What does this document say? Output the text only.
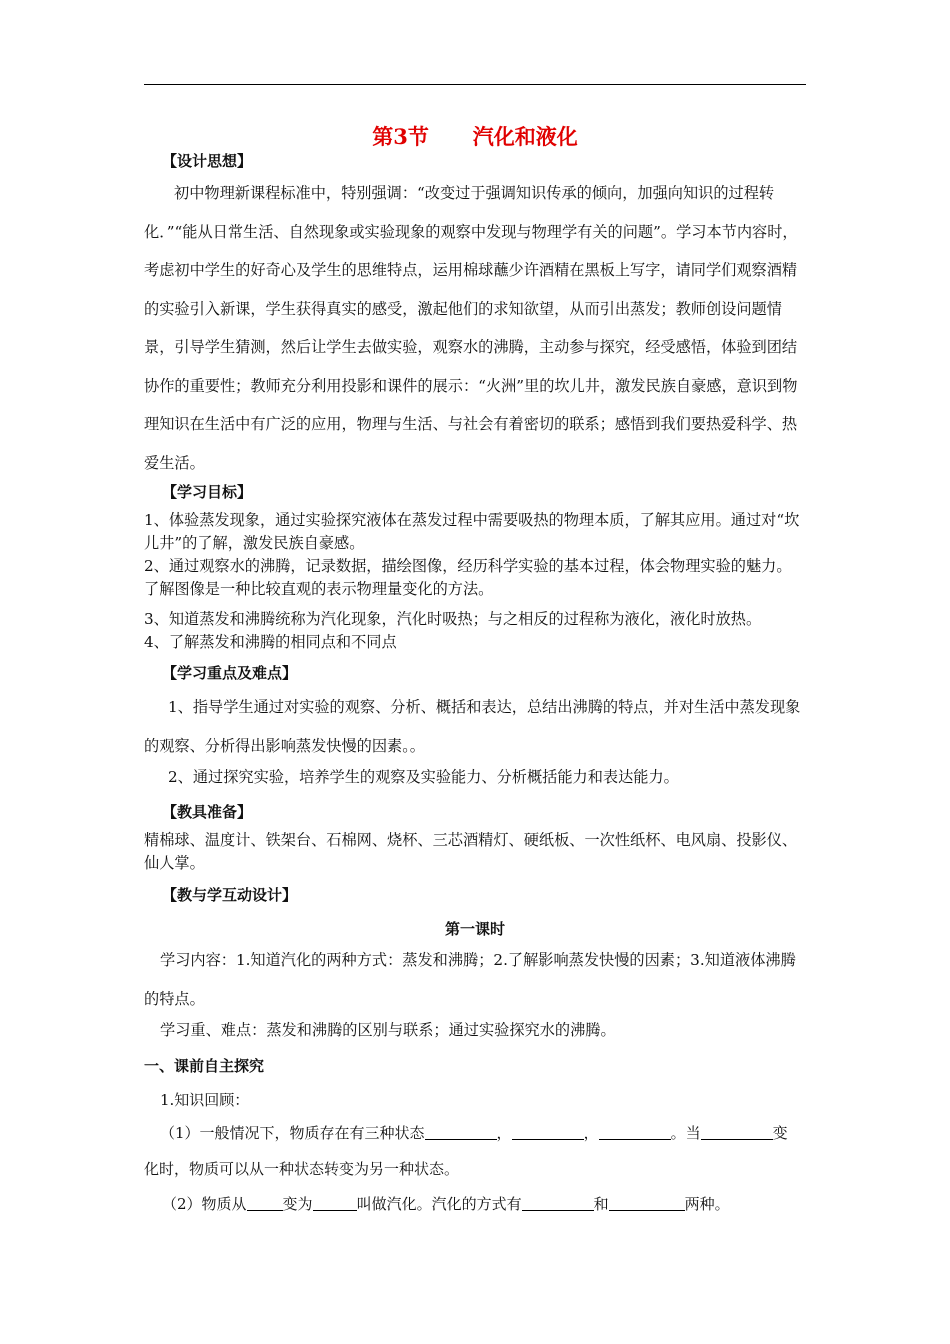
第3节      汽化和液化
【设计思想】
初中物理新课程标准中，特别强调：“改变过于强调知识传承的倾向，加强向知识的过程转化．”“能从日常生活、自然现象或实验现象的观察中发现与物理学有关的问题”。学习本节内容时，考虑初中学生的好奇心及学生的思维特点，运用棉球蘸少许酒精在黑板上写字，请同学们观察酒精的实验引入新课，学生获得真实的感受，激起他们的求知欲望，从而引出蒸发；教师创设问题情景，引导学生猜测，然后让学生去做实验，观察水的沸腾，主动参与探究，经受感悟，体验到团结协作的重要性；教师充分利用投影和课件的展示：“火洲”里的坎儿井，激发民族自豪感，意识到物理知识在生活中有广泛的应用，物理与生活、与社会有着密切的联系；感悟到我们要热爱科学、热爱生活。
【学习目标】
1、体验蒸发现象，通过实验探究液体在蒸发过程中需要吸热的物理本质，了解其应用。通过对“坎儿井”的了解，激发民族自豪感。
2、通过观察水的沸腾，记录数据，描绘图像，经历科学实验的基本过程，体会物理实验的魅力。了解图像是一种比较直观的表示物理量变化的方法。
3、知道蒸发和沸腾统称为汽化现象，汽化时吸热；与之相反的过程称为液化，液化时放热。
4、了解蒸发和沸腾的相同点和不同点
【学习重点及难点】
1、指导学生通过对实验的观察、分析、概括和表达，总结出沸腾的特点，并对生活中蒸发现象的观察、分析得出影响蒸发快慢的因素。。
2、通过探究实验，培养学生的观察及实验能力、分析概括能力和表达能力。
【教具准备】
精棉球、温度计、铁架台、石棉网、烧杯、三芯酒精灯、硬纸板、一次性纸杯、电风扇、投影仪、仙人掌。
【教与学互动设计】
第一课时
学习内容：1.知道汽化的两种方式：蒸发和沸腾；2.了解影响蒸发快慢的因素；3.知道液体沸腾的特点。
学习重、难点：蒸发和沸腾的区别与联系；通过实验探究水的沸腾。
一、课前自主探究
1.知识回顾：
（1）一般情况下，物质存在有三种状态	，	，	。当	变
化时，物质可以从一种状态转变为另一种状态。
（2）物质从 变为	叫做汽化。汽化的方式有	和	两种。
